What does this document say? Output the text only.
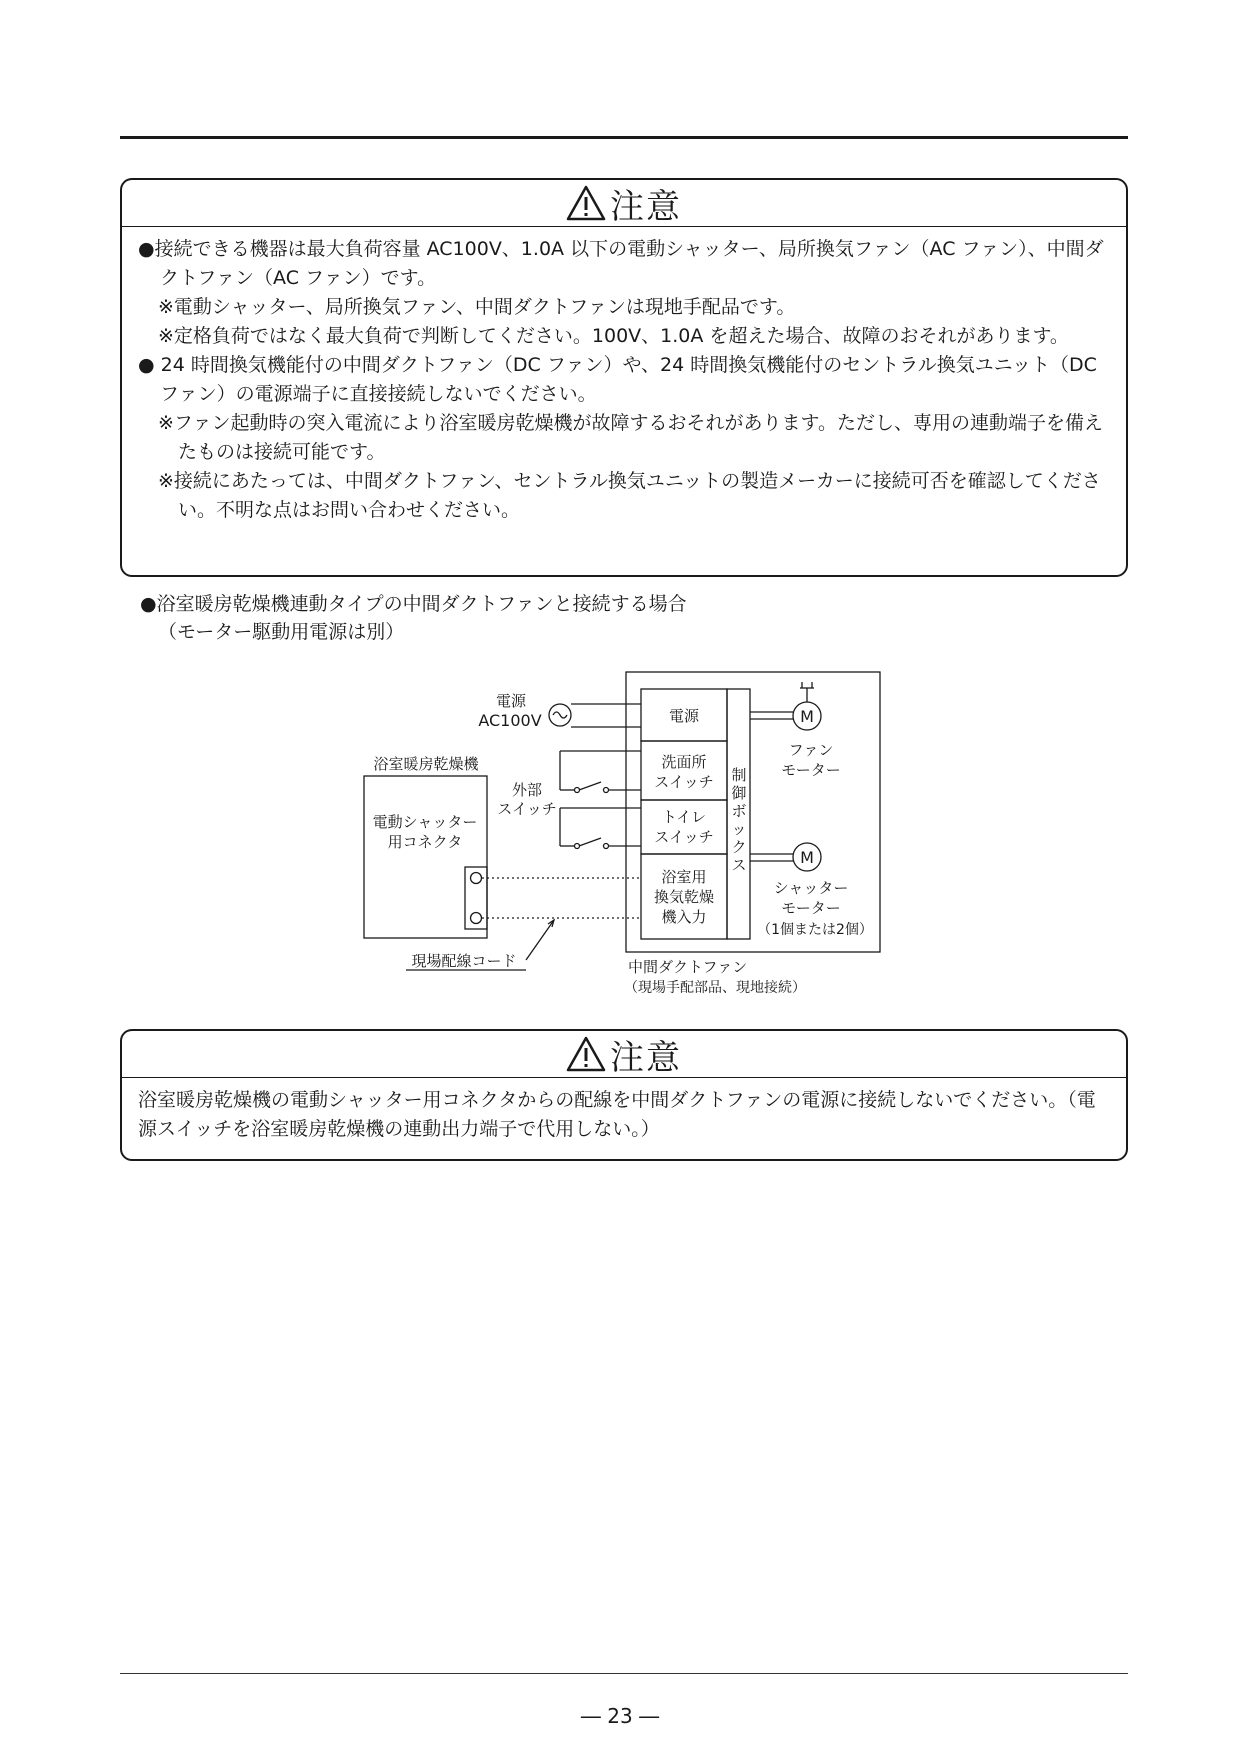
注意

●接続できる機器は最大負荷容量 AC100V、1.0A 以下の電動シャッター、局所換気ファン（AC ファン）、中間ダクトファン（AC ファン）です。

※電動シャッター、局所換気ファン、中間ダクトファンは現地手配品です。

※定格負荷ではなく最大負荷で判断してください。100V、1.0A を超えた場合、故障のおそれがあります。

● 24 時間換気機能付の中間ダクトファン（DC ファン）や、24 時間換気機能付のセントラル換気ユニット（DC ファン）の電源端子に直接接続しないでください。

※ファン起動時の突入電流により浴室暖房乾燥機が故障するおそれがあります。ただし、専用の連動端子を備えたものは接続可能です。

※接続にあたっては、中間ダクトファン、セントラル換気ユニットの製造メーカーに接続可否を確認してください。不明な点はお問い合わせください。

●浴室暖房乾燥機連動タイプの中間ダクトファンと接続する場合
（モーター駆動用電源は別）
電源
AC100V
浴室暖房乾燥機
電動シャッター
用コネクタ
外部
スイッチ
現場配線コード
電源
洗面所
スイッチ
トイレ
スイッチ
浴室用
換気乾燥
機入力
制
御
ボ
ッ
ク
ス
M
M
ファン
モーター
シャッター
モーター
（1個または2個）
中間ダクトファン
（現場手配部品、現地接続）
注意

浴室暖房乾燥機の電動シャッター用コネクタからの配線を中間ダクトファンの電源に接続しないでください。（電源スイッチを浴室暖房乾燥機の連動出力端子で代用しない。）

― 23 ―
